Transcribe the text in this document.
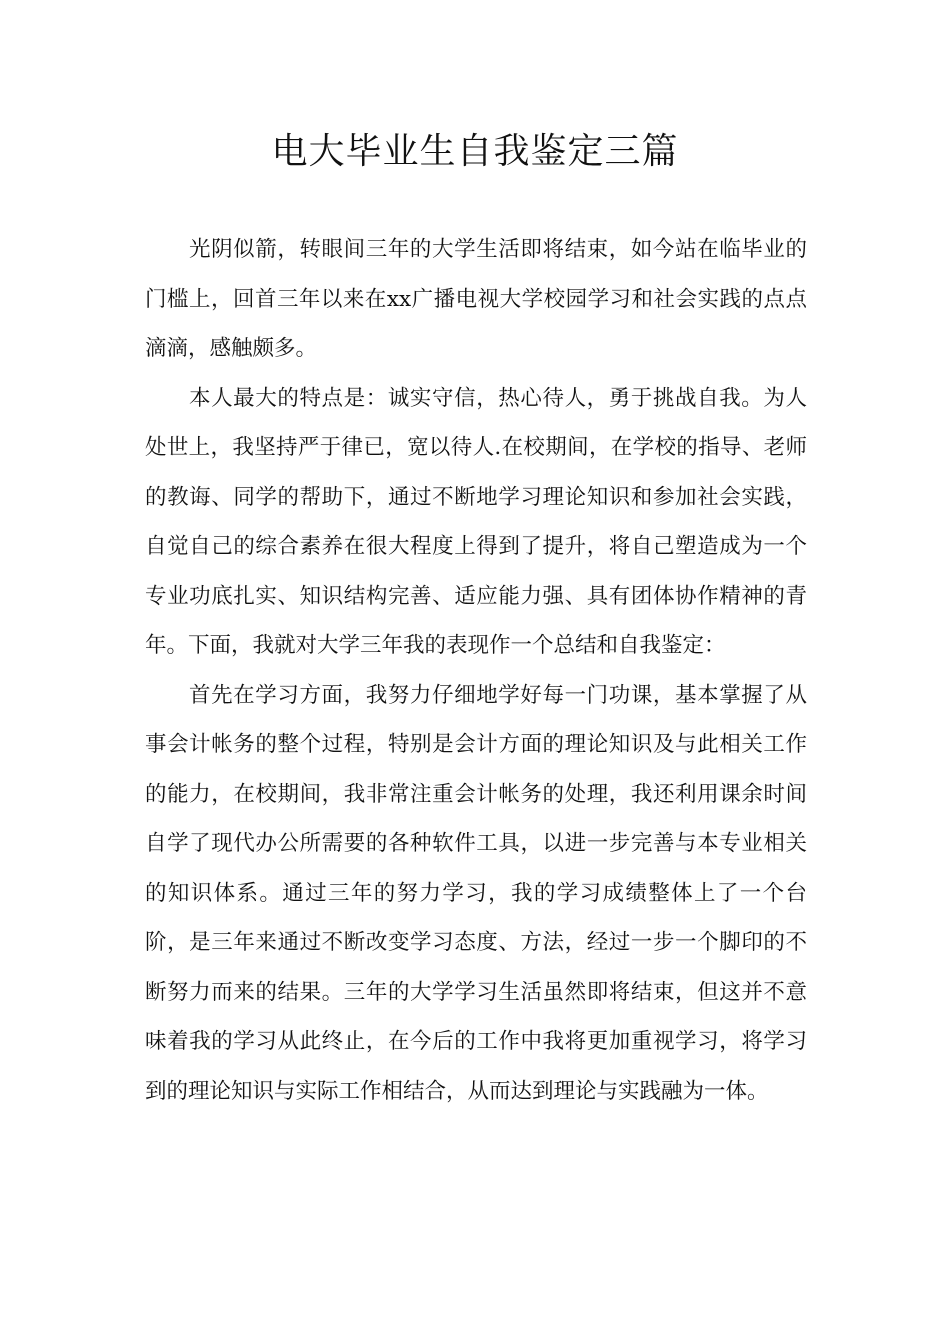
电大毕业生自我鉴定三篇

光阴似箭，转眼间三年的大学生活即将结束，如今站在临毕业的门槛上，回首三年以来在xx广播电视大学校园学习和社会实践的点点滴滴，感触颇多。

本人最大的特点是：诚实守信，热心待人，勇于挑战自我。为人处世上，我坚持严于律已，宽以待人.在校期间，在学校的指导、老师的教诲、同学的帮助下，通过不断地学习理论知识和参加社会实践，自觉自己的综合素养在很大程度上得到了提升，将自己塑造成为一个专业功底扎实、知识结构完善、适应能力强、具有团体协作精神的青年。下面，我就对大学三年我的表现作一个总结和自我鉴定：

首先在学习方面，我努力仔细地学好每一门功课，基本掌握了从事会计帐务的整个过程，特别是会计方面的理论知识及与此相关工作的能力，在校期间，我非常注重会计帐务的处理，我还利用课余时间自学了现代办公所需要的各种软件工具，以进一步完善与本专业相关的知识体系。通过三年的努力学习，我的学习成绩整体上了一个台阶，是三年来通过不断改变学习态度、方法，经过一步一个脚印的不断努力而来的结果。三年的大学学习生活虽然即将结束，但这并不意味着我的学习从此终止，在今后的工作中我将更加重视学习，将学习到的理论知识与实际工作相结合，从而达到理论与实践融为一体。
